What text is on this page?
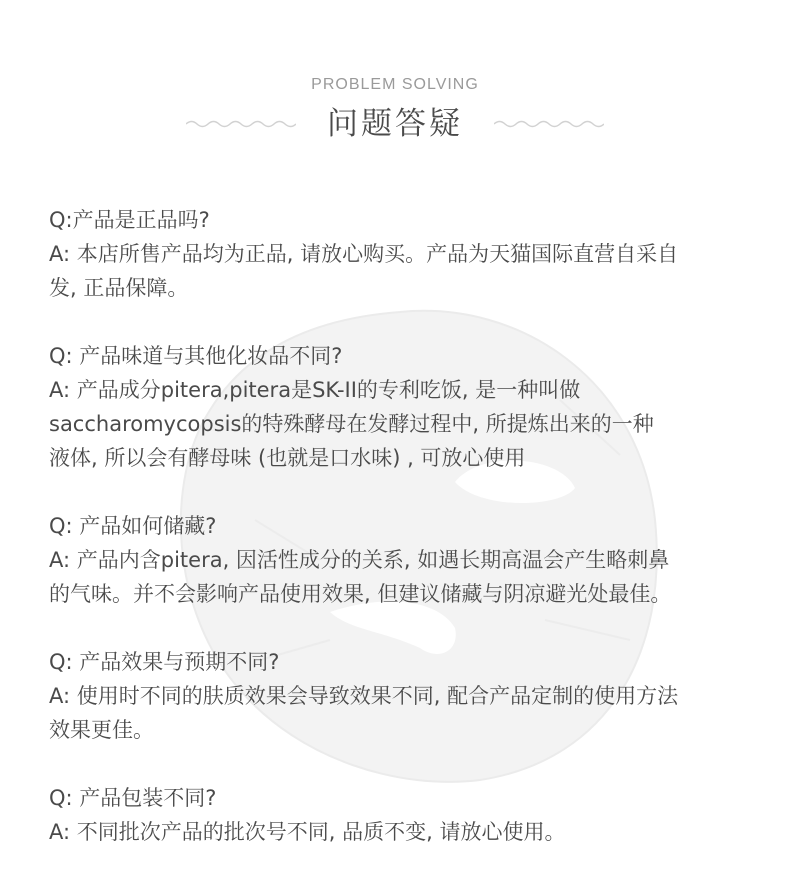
PROBLEM SOLVING
问题答疑
Q:产品是正品吗?
A: 本店所售产品均为正品, 请放心购买。产品为天猫国际直营自采自
发, 正品保障。
Q: 产品味道与其他化妆品不同?
A: 产品成分pitera,pitera是SK-II的专利吃饭, 是一种叫做
saccharomycopsis的特殊酵母在发酵过程中, 所提炼出来的一种
液体, 所以会有酵母味 (也就是口水味) , 可放心使用
Q: 产品如何储藏?
A: 产品内含pitera, 因活性成分的关系, 如遇长期高温会产生略刺鼻
的气味。并不会影响产品使用效果, 但建议储藏与阴凉避光处最佳。
Q: 产品效果与预期不同?
A: 使用时不同的肤质效果会导致效果不同, 配合产品定制的使用方法
效果更佳。
Q: 产品包装不同?
A: 不同批次产品的批次号不同, 品质不变, 请放心使用。
